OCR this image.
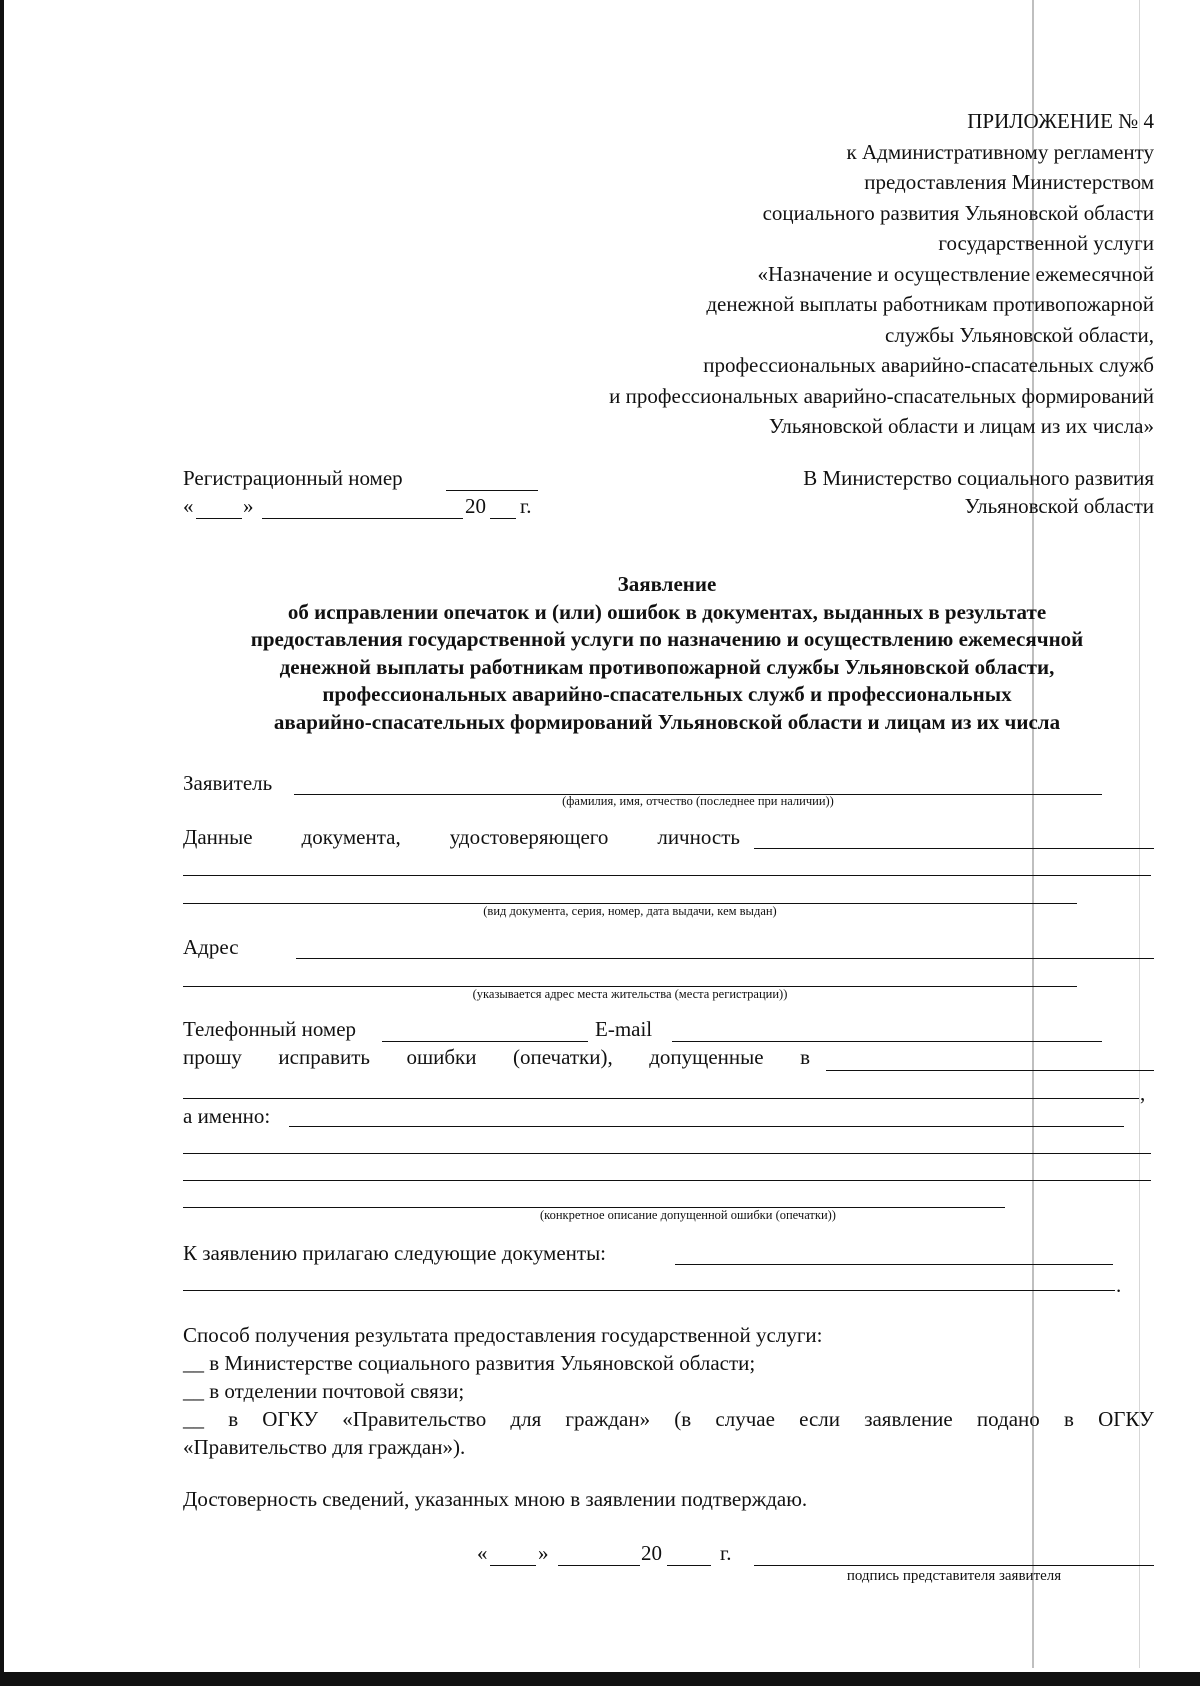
ПРИЛОЖЕНИЕ № 4
к Административному регламенту
предоставления Министерством
социального развития Ульяновской области
государственной услуги
«Назначение и осуществление ежемесячной
денежной выплаты работникам противопожарной
службы Ульяновской области,
профессиональных аварийно-спасательных служб
и профессиональных аварийно-спасательных формирований
Ульяновской области и лицам из их числа»
Регистрационный номер
« »	20 г.
В Министерство социального развития
Ульяновской области
Заявление
об исправлении опечаток и (или) ошибок в документах, выданных в результате
предоставления государственной услуги по назначению и осуществлению ежемесячной
денежной выплаты работникам противопожарной службы Ульяновской области,
профессиональных аварийно-спасательных служб и профессиональных
аварийно-спасательных формирований Ульяновской области и лицам из их числа
Заявитель
(фамилия, имя, отчество (последнее при наличии))
Данные документа, удостоверяющего личность
(вид документа, серия, номер, дата выдачи, кем выдан)
Адрес
(указывается адрес места жительства (места регистрации))
Телефонный номер	E-mail
прошу исправить ошибки (опечатки), допущенные в
,
а именно:
(конкретное описание допущенной ошибки (опечатки))
К заявлению прилагаю следующие документы:
.
Способ получения результата предоставления государственной услуги:
__ в Министерстве социального развития Ульяновской области;
__ в отделении почтовой связи;
__ в ОГКУ «Правительство для граждан» (в случае если заявление подано в ОГКУ
«Правительство для граждан»).
Достоверность сведений, указанных мною в заявлении подтверждаю.
« »	20	г.
подпись представителя заявителя
